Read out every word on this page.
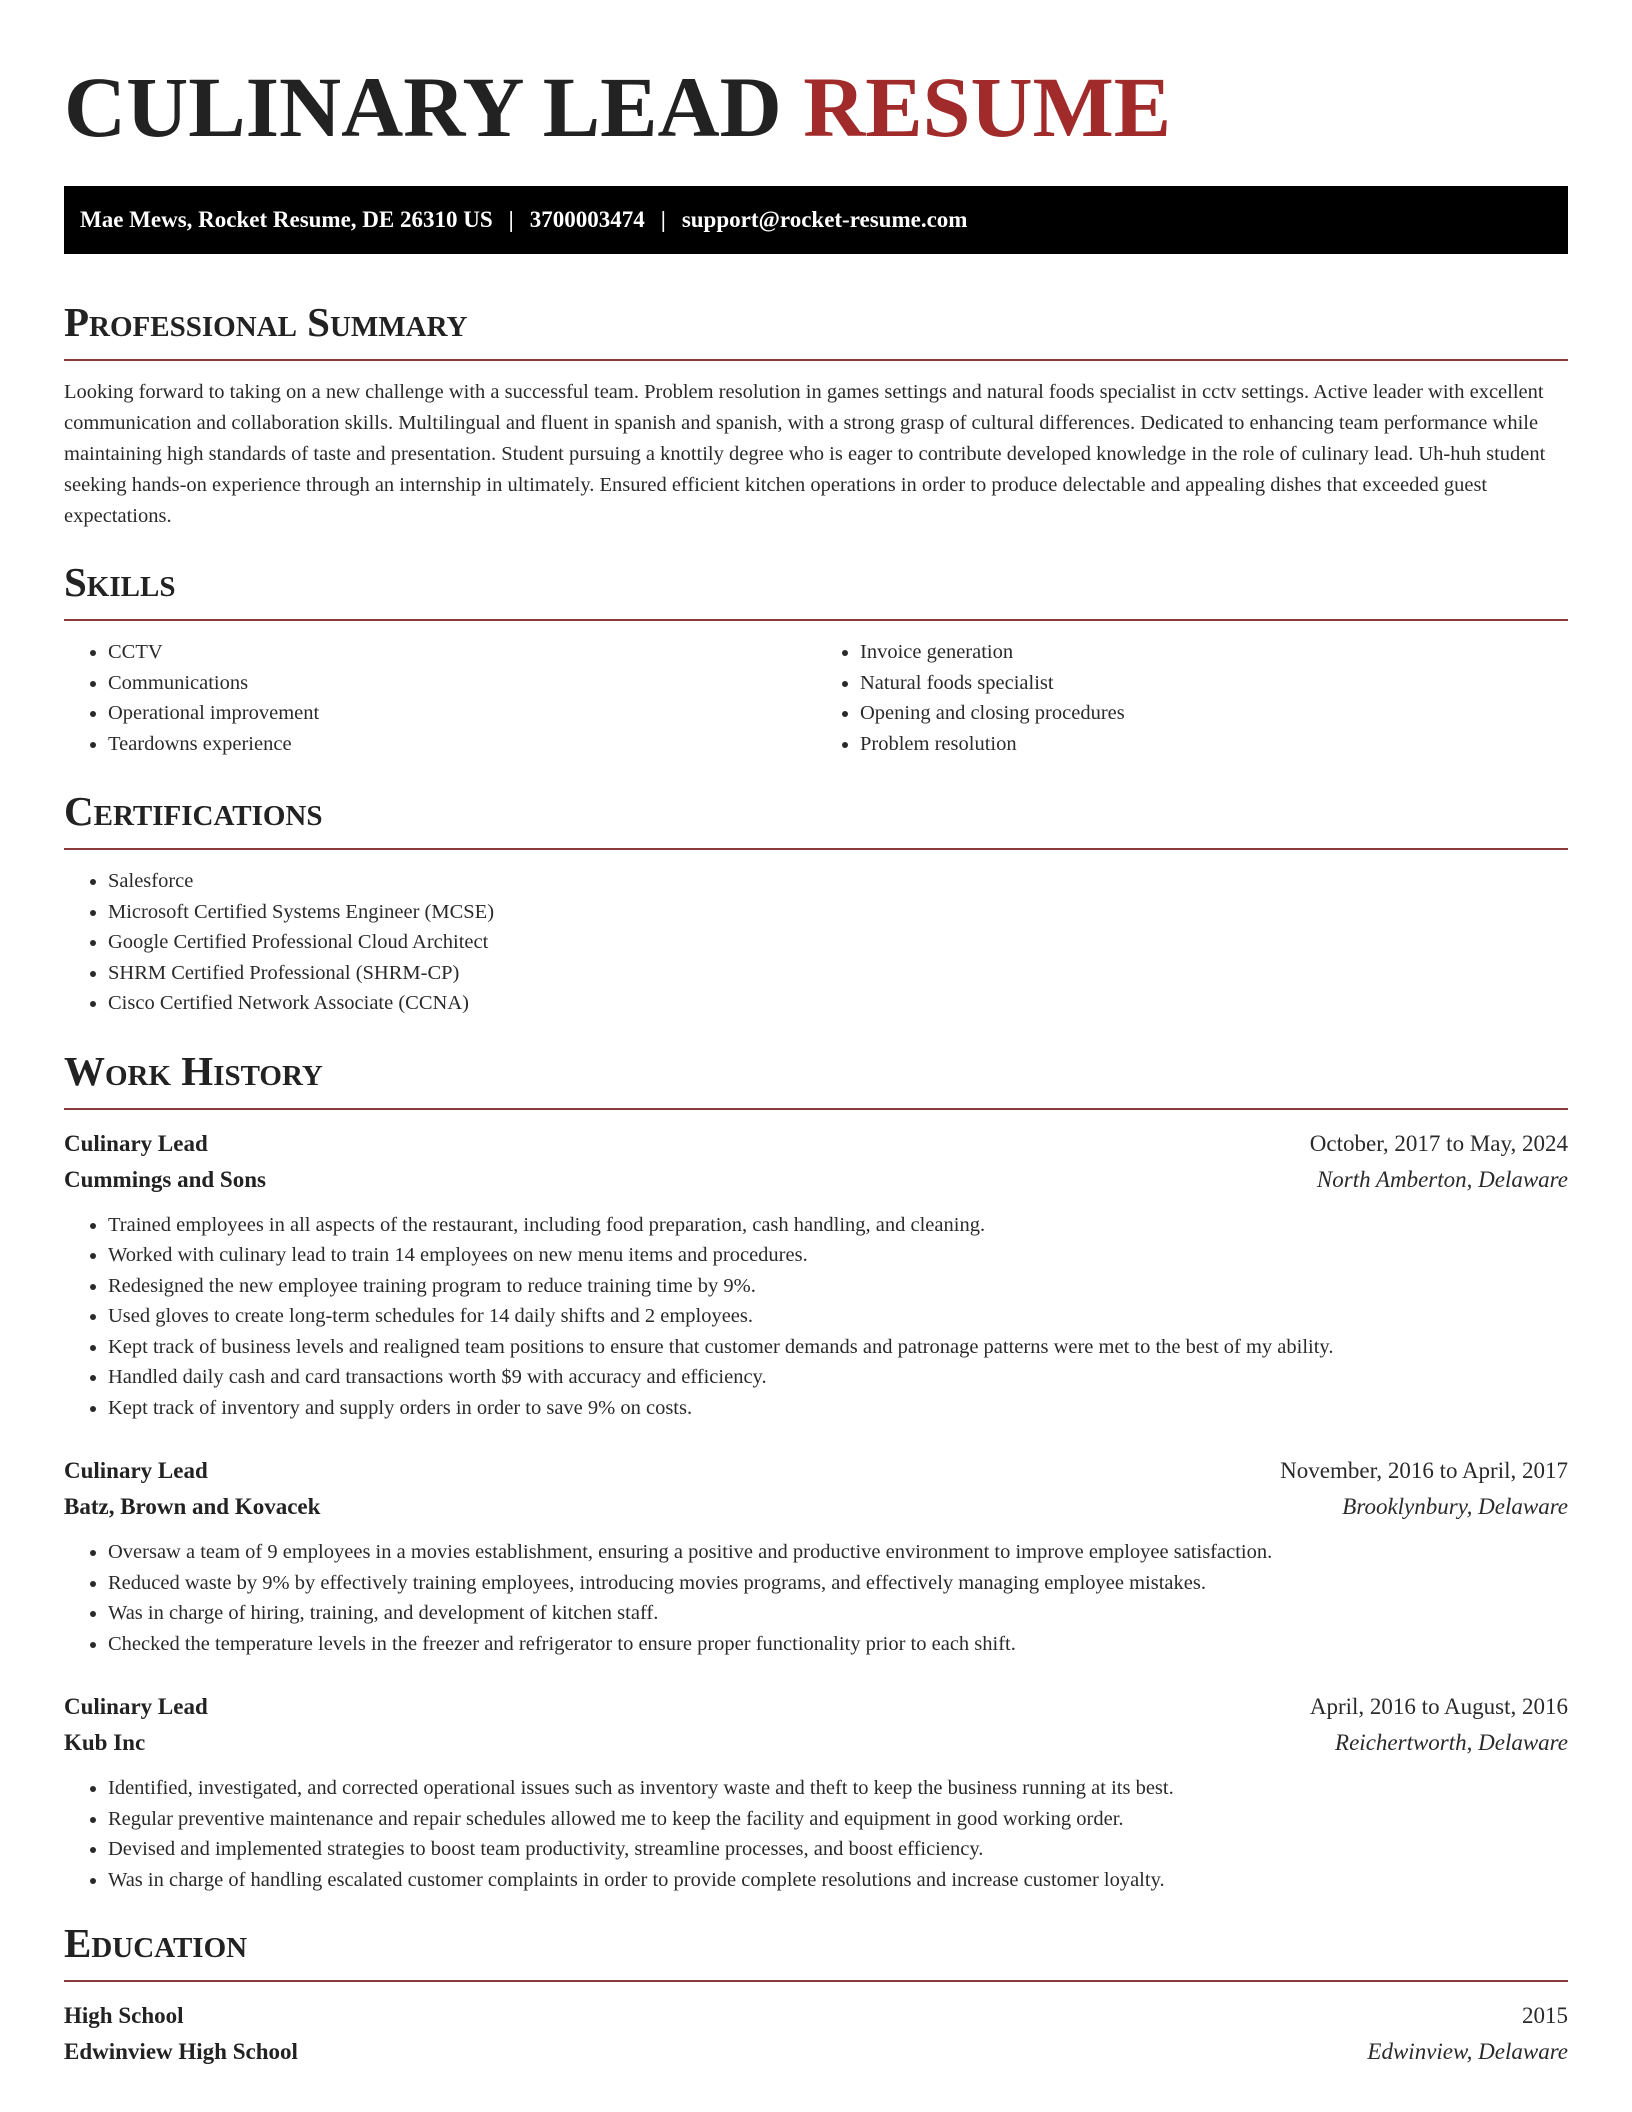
CULINARY LEAD RESUME
Mae Mews, Rocket Resume, DE 26310 US | 3700003474 | support@rocket-resume.com
Professional Summary

Looking forward to taking on a new challenge with a successful team. Problem resolution in games settings and natural foods specialist in cctv settings. Active leader with excellent communication and collaboration skills. Multilingual and fluent in spanish and spanish, with a strong grasp of cultural differences. Dedicated to enhancing team performance while maintaining high standards of taste and presentation. Student pursuing a knottily degree who is eager to contribute developed knowledge in the role of culinary lead. Uh-huh student seeking hands-on experience through an internship in ultimately. Ensured efficient kitchen operations in order to produce delectable and appealing dishes that exceeded guest expectations.

Skills
• CCTV
• Communications
• Operational improvement
• Teardowns experience
• Invoice generation
• Natural foods specialist
• Opening and closing procedures
• Problem resolution
Certifications
• Salesforce
• Microsoft Certified Systems Engineer (MCSE)
• Google Certified Professional Cloud Architect
• SHRM Certified Professional (SHRM-CP)
• Cisco Certified Network Associate (CCNA)
Work History
Culinary Lead	October, 2017 to May, 2024
Cummings and Sons	North Amberton, Delaware
• Trained employees in all aspects of the restaurant, including food preparation, cash handling, and cleaning.
• Worked with culinary lead to train 14 employees on new menu items and procedures.
• Redesigned the new employee training program to reduce training time by 9%.
• Used gloves to create long-term schedules for 14 daily shifts and 2 employees.
• Kept track of business levels and realigned team positions to ensure that customer demands and patronage patterns were met to the best of my ability.
• Handled daily cash and card transactions worth $9 with accuracy and efficiency.
• Kept track of inventory and supply orders in order to save 9% on costs.
Culinary Lead	November, 2016 to April, 2017
Batz, Brown and Kovacek	Brooklynbury, Delaware
• Oversaw a team of 9 employees in a movies establishment, ensuring a positive and productive environment to improve employee satisfaction.
• Reduced waste by 9% by effectively training employees, introducing movies programs, and effectively managing employee mistakes.
• Was in charge of hiring, training, and development of kitchen staff.
• Checked the temperature levels in the freezer and refrigerator to ensure proper functionality prior to each shift.
Culinary Lead	April, 2016 to August, 2016
Kub Inc	Reichertworth, Delaware
• Identified, investigated, and corrected operational issues such as inventory waste and theft to keep the business running at its best.
• Regular preventive maintenance and repair schedules allowed me to keep the facility and equipment in good working order.
• Devised and implemented strategies to boost team productivity, streamline processes, and boost efficiency.
• Was in charge of handling escalated customer complaints in order to provide complete resolutions and increase customer loyalty.
Education
High School	2015
Edwinview High School	Edwinview, Delaware
